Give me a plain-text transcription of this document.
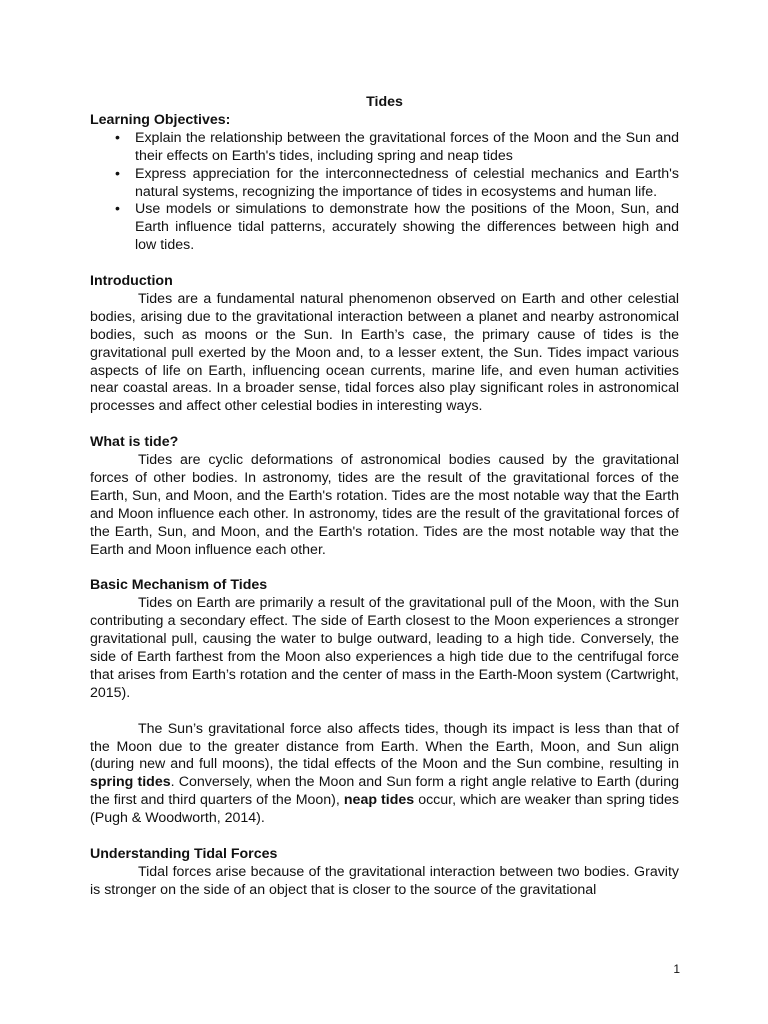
Tides

Learning Objectives:

• Explain the relationship between the gravitational forces of the Moon and the Sun and their effects on Earth's tides, including spring and neap tides
• Express appreciation for the interconnectedness of celestial mechanics and Earth's natural systems, recognizing the importance of tides in ecosystems and human life.
• Use models or simulations to demonstrate how the positions of the Moon, Sun, and Earth influence tidal patterns, accurately showing the differences between high and low tides.

Introduction

Tides are a fundamental natural phenomenon observed on Earth and other celestial bodies, arising due to the gravitational interaction between a planet and nearby astronomical bodies, such as moons or the Sun. In Earth’s case, the primary cause of tides is the gravitational pull exerted by the Moon and, to a lesser extent, the Sun. Tides impact various aspects of life on Earth, influencing ocean currents, marine life, and even human activities near coastal areas. In a broader sense, tidal forces also play significant roles in astronomical processes and affect other celestial bodies in interesting ways.

What is tide?

Tides are cyclic deformations of astronomical bodies caused by the gravitational forces of other bodies. In astronomy, tides are the result of the gravitational forces of the Earth, Sun, and Moon, and the Earth's rotation. Tides are the most notable way that the Earth and Moon influence each other. In astronomy, tides are the result of the gravitational forces of the Earth, Sun, and Moon, and the Earth's rotation. Tides are the most notable way that the Earth and Moon influence each other.

Basic Mechanism of Tides

Tides on Earth are primarily a result of the gravitational pull of the Moon, with the Sun contributing a secondary effect. The side of Earth closest to the Moon experiences a stronger gravitational pull, causing the water to bulge outward, leading to a high tide. Conversely, the side of Earth farthest from the Moon also experiences a high tide due to the centrifugal force that arises from Earth’s rotation and the center of mass in the Earth-Moon system (Cartwright, 2015).

The Sun’s gravitational force also affects tides, though its impact is less than that of the Moon due to the greater distance from Earth. When the Earth, Moon, and Sun align (during new and full moons), the tidal effects of the Moon and the Sun combine, resulting in spring tides. Conversely, when the Moon and Sun form a right angle relative to Earth (during the first and third quarters of the Moon), neap tides occur, which are weaker than spring tides (Pugh & Woodworth, 2014).

Understanding Tidal Forces

Tidal forces arise because of the gravitational interaction between two bodies. Gravity is stronger on the side of an object that is closer to the source of the gravitational

1
